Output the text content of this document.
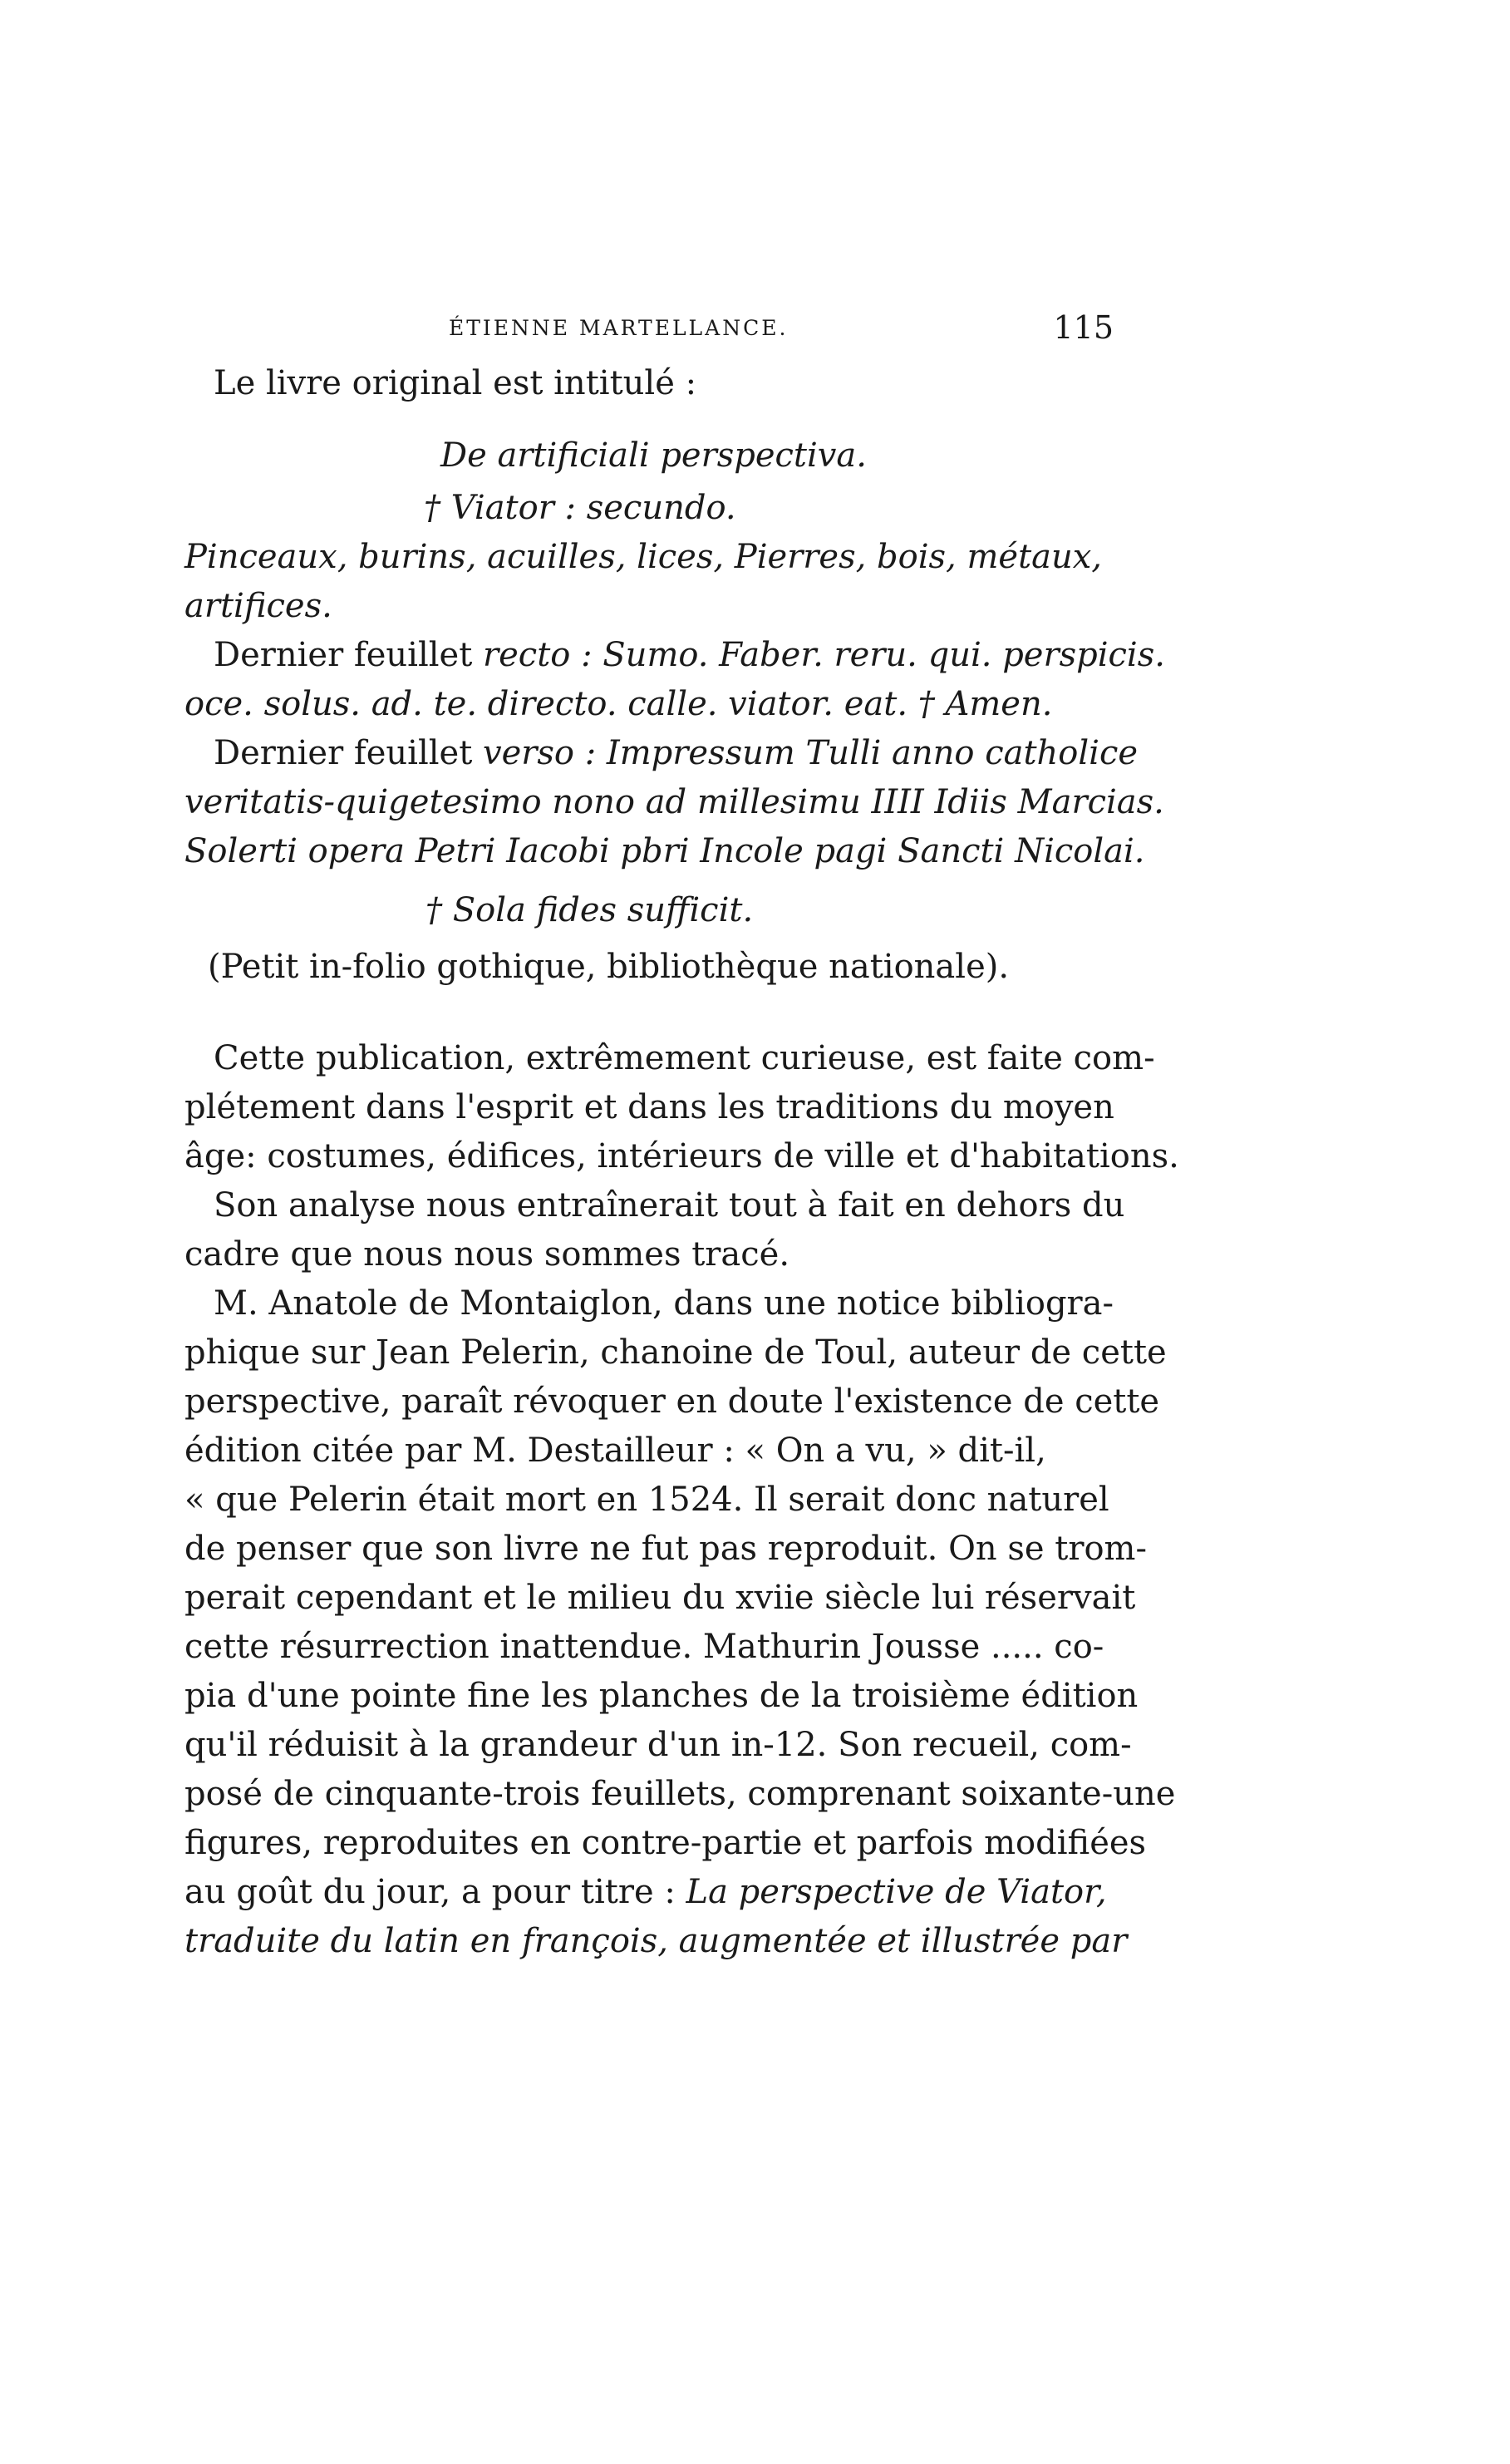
ÉTIENNE MARTELLANCE.	115
Le livre original est intitulé :
De artificiali perspectiva.
† Viator : secundo.
Pinceaux, burins, acuilles, lices, Pierres, bois, métaux,
artifices.
Dernier feuillet recto : Sumo. Faber. reru. qui. perspicis.
oce. solus. ad. te. directo. calle. viator. eat. † Amen.
Dernier feuillet verso : Impressum Tulli anno catholice
veritatis-quigetesimo nono ad millesimu IIII Idiis Marcias.
Solerti opera Petri Iacobi pbri Incole pagi Sancti Nicolai.
† Sola fides sufficit.
(Petit in-folio gothique, bibliothèque nationale).
Cette publication, extrêmement curieuse, est faite com-
plétement dans l'esprit et dans les traditions du moyen
âge: costumes, édifices, intérieurs de ville et d'habitations.
Son analyse nous entraînerait tout à fait en dehors du
cadre que nous nous sommes tracé.
M. Anatole de Montaiglon, dans une notice bibliogra-
phique sur Jean Pelerin, chanoine de Toul, auteur de cette
perspective, paraît révoquer en doute l'existence de cette
édition citée par M. Destailleur : « On a vu, » dit-il,
« que Pelerin était mort en 1524. Il serait donc naturel
de penser que son livre ne fut pas reproduit. On se trom-
perait cependant et le milieu du xviie siècle lui réservait
cette résurrection inattendue. Mathurin Jousse ..... co-
pia d'une pointe fine les planches de la troisième édition
qu'il réduisit à la grandeur d'un in-12. Son recueil, com-
posé de cinquante-trois feuillets, comprenant soixante-une
figures, reproduites en contre-partie et parfois modifiées
au goût du jour, a pour titre : La perspective de Viator,
traduite du latin en françois, augmentée et illustrée par
